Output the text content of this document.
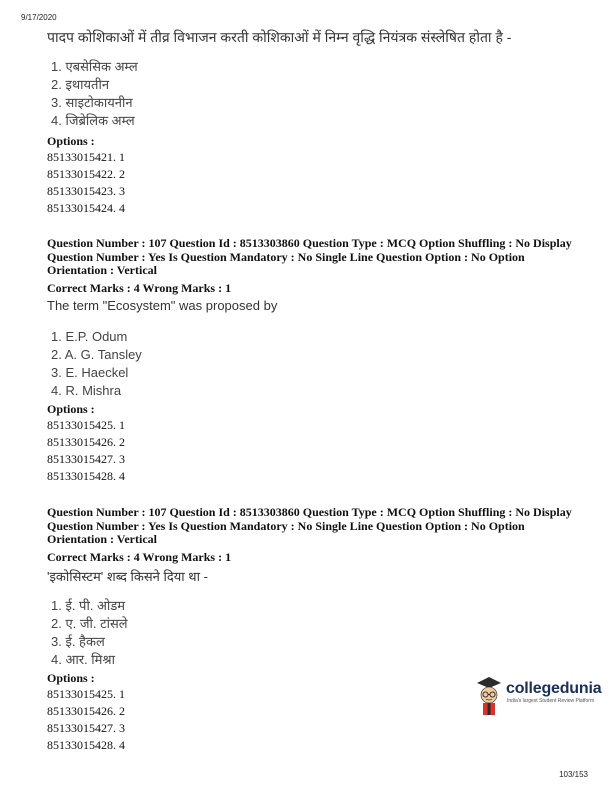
9/17/2020
पादप कोशिकाओं में तीव्र विभाजन करती कोशिकाओं में निम्न वृद्धि नियंत्रक संस्लेषित होता है -
1. एबसेसिक अम्ल
2. इथायतीन
3. साइटोकायनीन
4. जिब्रेलिक अम्ल
Options :
85133015421. 1
85133015422. 2
85133015423. 3
85133015424. 4
Question Number : 107 Question Id : 8513303860 Question Type : MCQ Option Shuffling : No Display Question Number : Yes Is Question Mandatory : No Single Line Question Option : No Option Orientation : Vertical
Correct Marks : 4 Wrong Marks : 1
The term "Ecosystem" was proposed by
1. E.P. Odum
2. A. G. Tansley
3. E. Haeckel
4. R. Mishra
Options :
85133015425. 1
85133015426. 2
85133015427. 3
85133015428. 4
Question Number : 107 Question Id : 8513303860 Question Type : MCQ Option Shuffling : No Display Question Number : Yes Is Question Mandatory : No Single Line Question Option : No Option Orientation : Vertical
Correct Marks : 4 Wrong Marks : 1
'इकोसिस्टम' शब्द किसने दिया था -
1. ई. पी. ओडम
2. ए. जी. टांसले
3. ई. हैकल
4. आर. मिश्रा
Options :
85133015425. 1
85133015426. 2
85133015427. 3
85133015428. 4
collegedunia
India's largest Student Review Platform
103/153
